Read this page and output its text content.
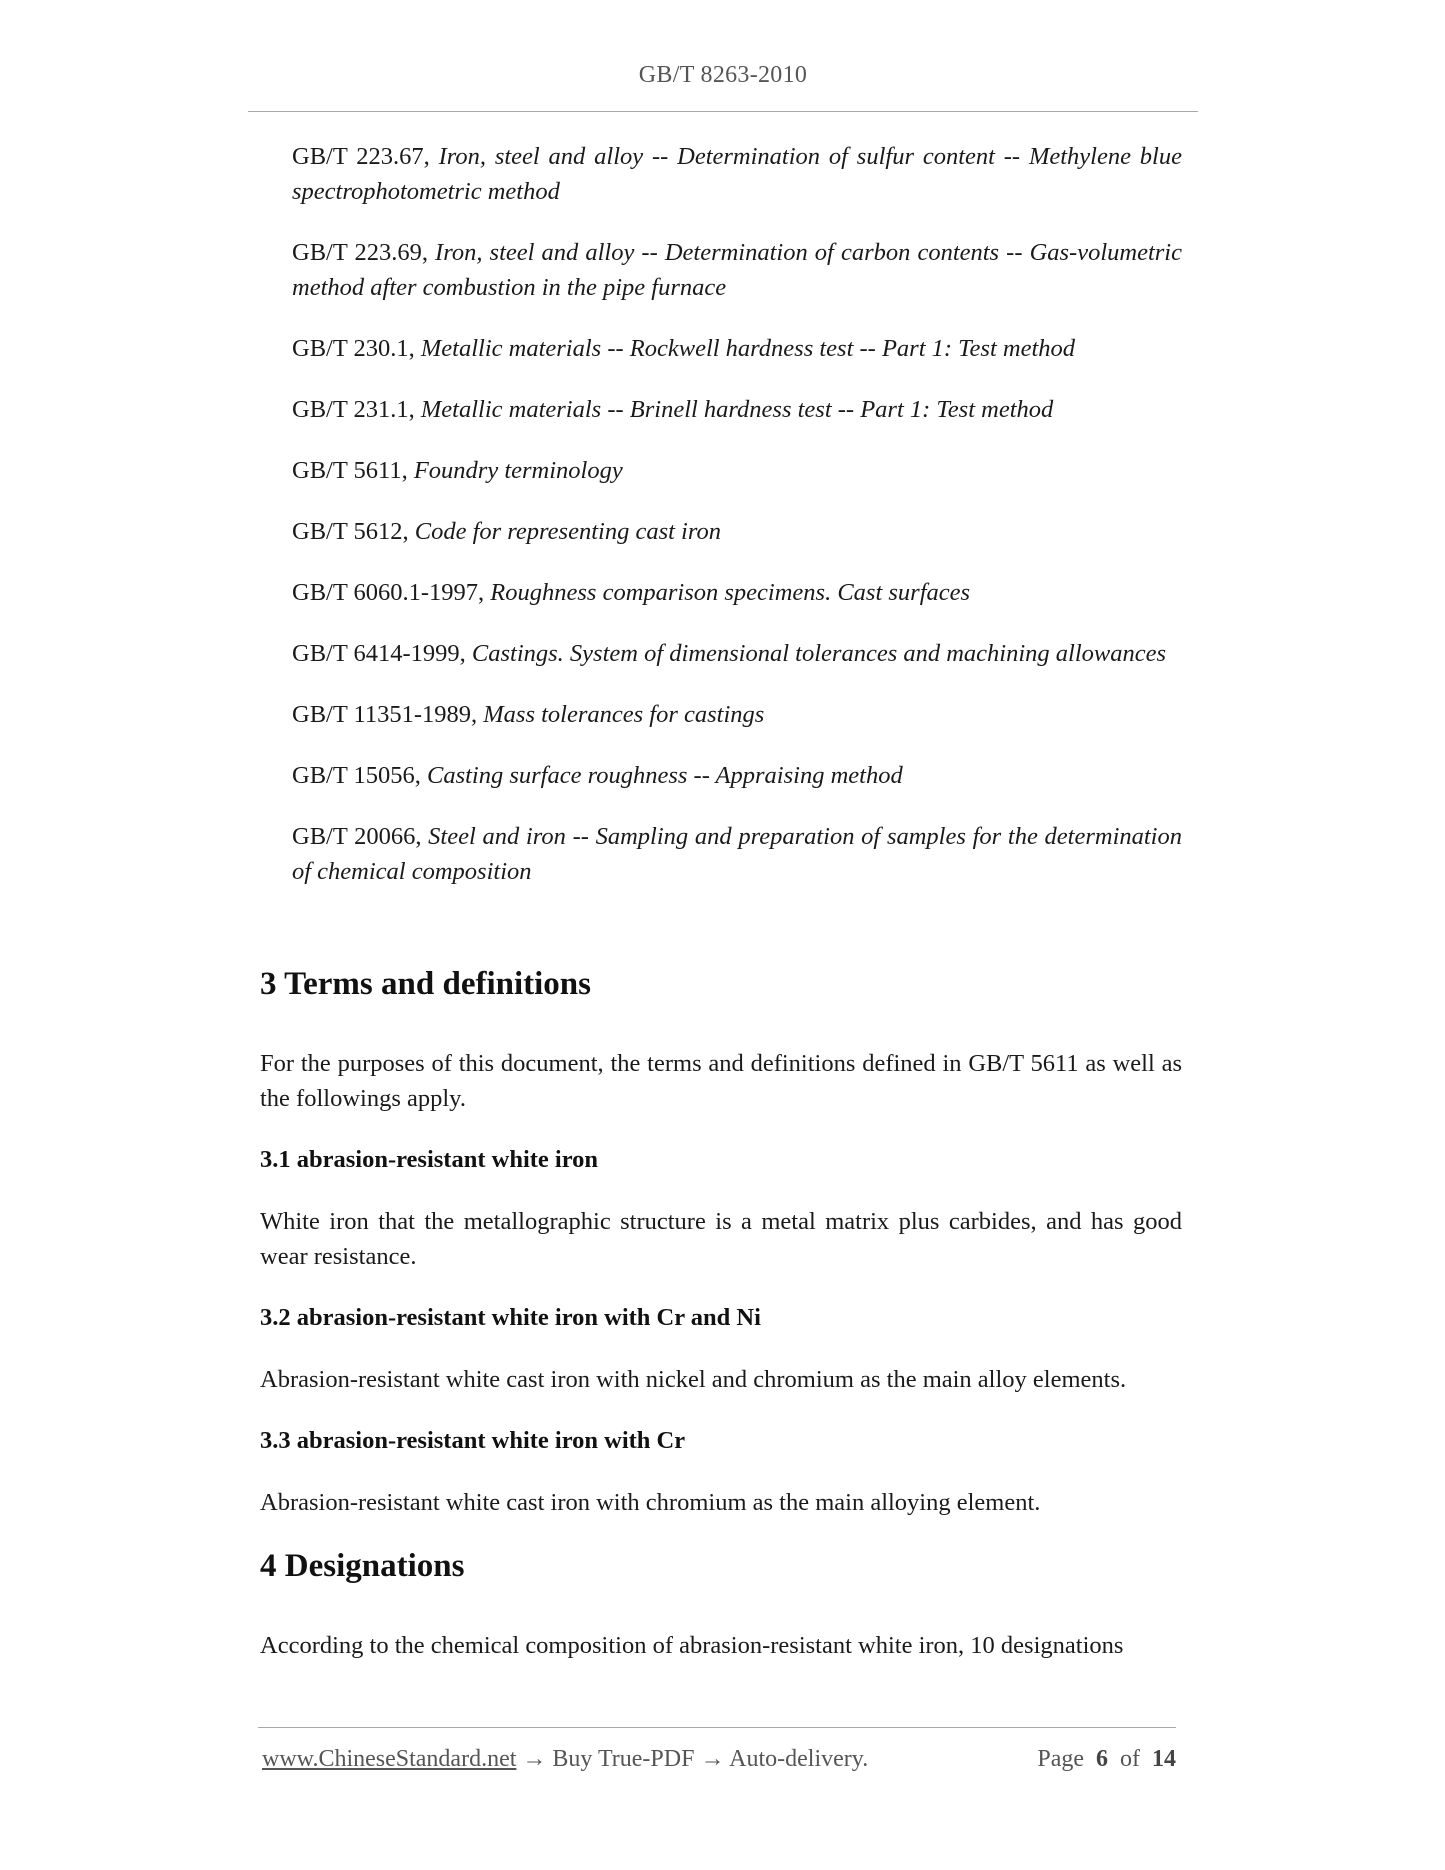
GB/T 8263-2010

GB/T 223.67, Iron, steel and alloy -- Determination of sulfur content -- Methylene blue spectrophotometric method

GB/T 223.69, Iron, steel and alloy -- Determination of carbon contents -- Gas-volumetric method after combustion in the pipe furnace

GB/T 230.1, Metallic materials -- Rockwell hardness test -- Part 1: Test method

GB/T 231.1, Metallic materials -- Brinell hardness test -- Part 1: Test method

GB/T 5611, Foundry terminology

GB/T 5612, Code for representing cast iron

GB/T 6060.1-1997, Roughness comparison specimens. Cast surfaces

GB/T 6414-1999, Castings. System of dimensional tolerances and machining allowances

GB/T 11351-1989, Mass tolerances for castings

GB/T 15056, Casting surface roughness -- Appraising method

GB/T 20066, Steel and iron -- Sampling and preparation of samples for the determination of chemical composition

3 Terms and definitions

For the purposes of this document, the terms and definitions defined in GB/T 5611 as well as the followings apply.

3.1 abrasion-resistant white iron

White iron that the metallographic structure is a metal matrix plus carbides, and has good wear resistance.

3.2 abrasion-resistant white iron with Cr and Ni

Abrasion-resistant white cast iron with nickel and chromium as the main alloy elements.

3.3 abrasion-resistant white iron with Cr

Abrasion-resistant white cast iron with chromium as the main alloying element.

4 Designations

According to the chemical composition of abrasion-resistant white iron, 10 designations

www.ChineseStandard.net → Buy True-PDF → Auto-delivery.	Page 6 of 14
